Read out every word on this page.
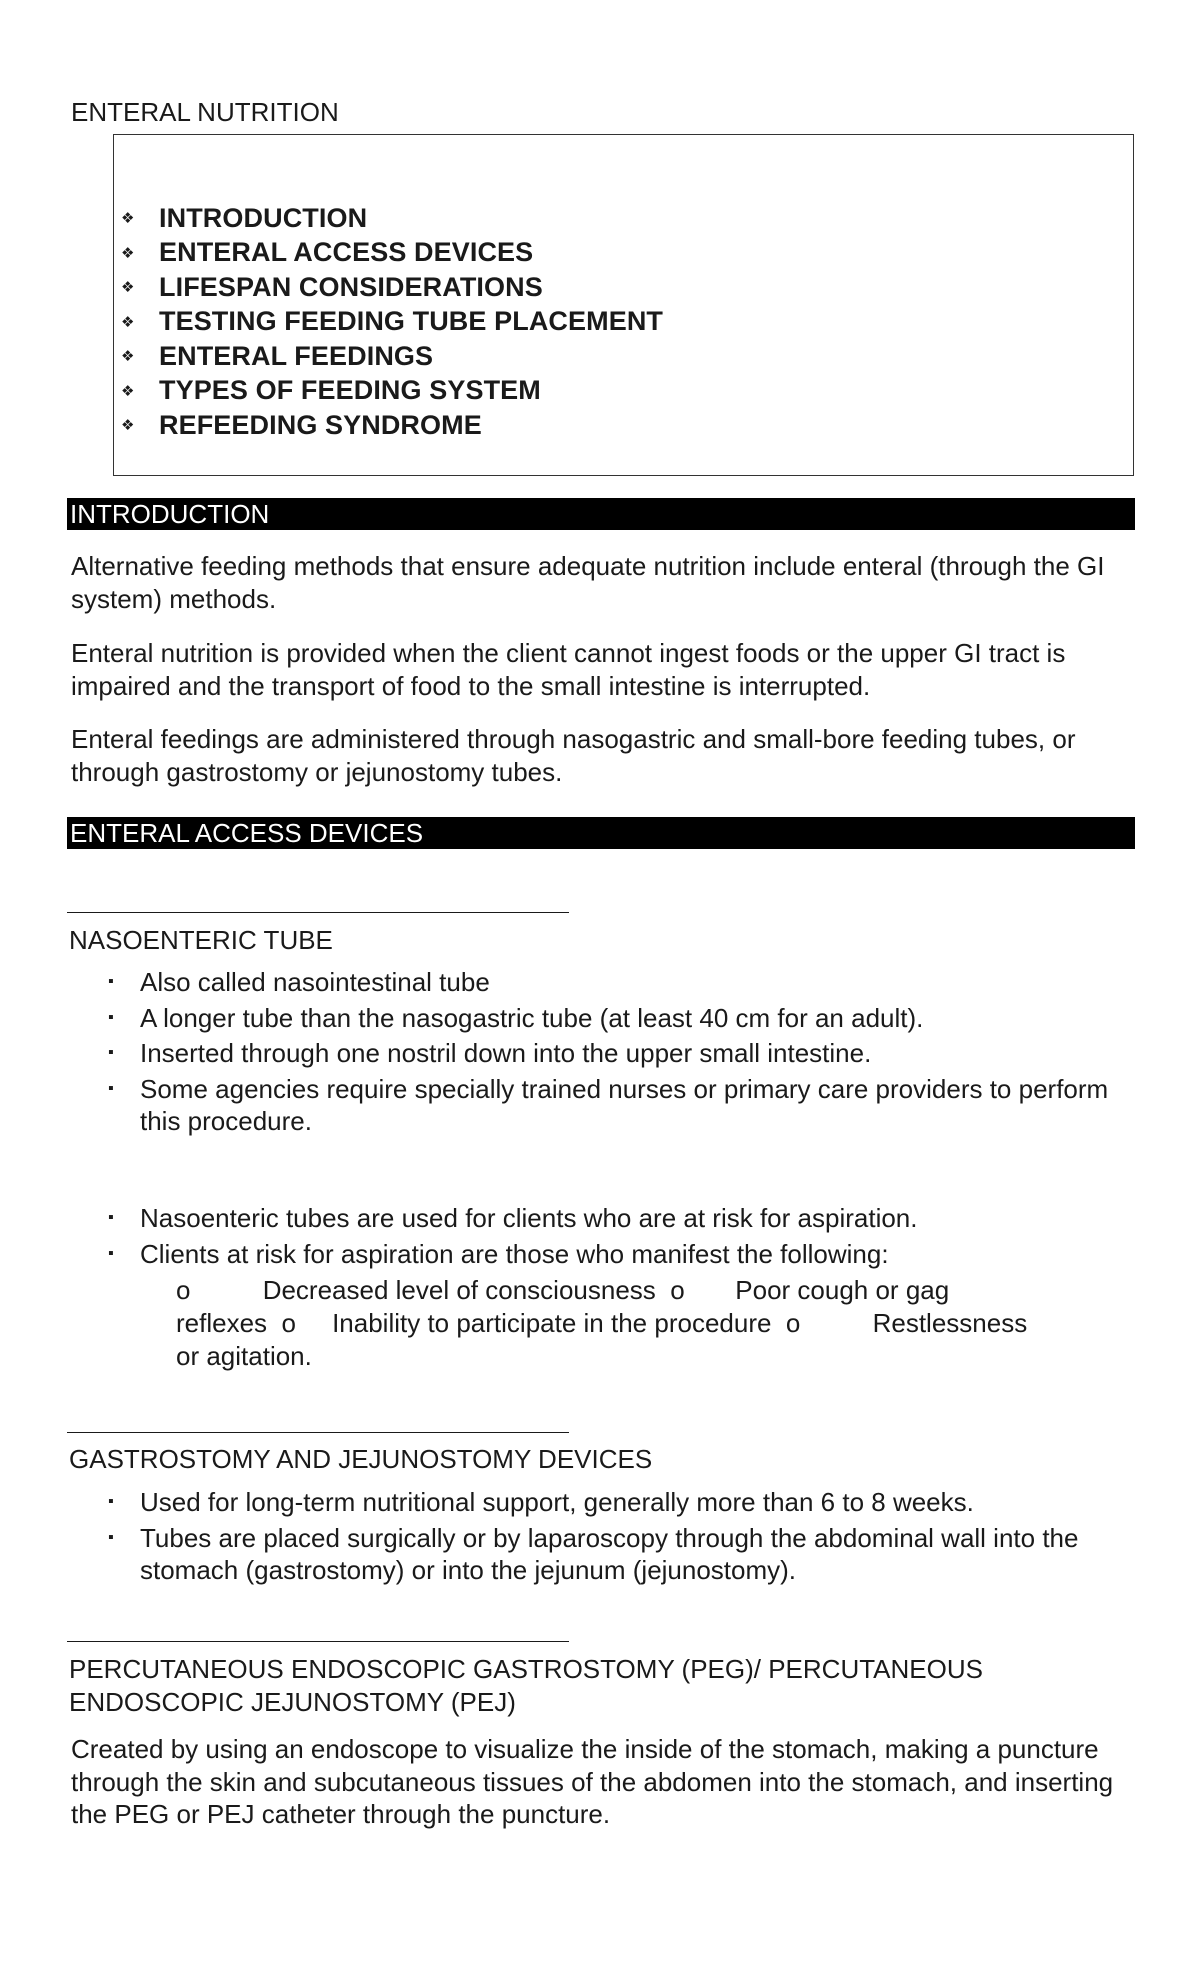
ENTERAL NUTRITION
❖ INTRODUCTION
❖ ENTERAL ACCESS DEVICES
❖ LIFESPAN CONSIDERATIONS
❖ TESTING FEEDING TUBE PLACEMENT
❖ ENTERAL FEEDINGS
❖ TYPES OF FEEDING SYSTEM
❖ REFEEDING SYNDROME
INTRODUCTION

Alternative feeding methods that ensure adequate nutrition include enteral (through the GI system) methods.

Enteral nutrition is provided when the client cannot ingest foods or the upper GI tract is impaired and the transport of food to the small intestine is interrupted.

Enteral feedings are administered through nasogastric and small-bore feeding tubes, or through gastrostomy or jejunostomy tubes.

ENTERAL ACCESS DEVICES

NASOENTERIC TUBE

▪ Also called nasointestinal tube
▪ A longer tube than the nasogastric tube (at least 40 cm for an adult).
▪ Inserted through one nostril down into the upper small intestine.
▪ Some agencies require specially trained nurses or primary care providers to perform this procedure.
▪ Nasoenteric tubes are used for clients who are at risk for aspiration.
▪ Clients at risk for aspiration are those who manifest the following:

o          Decreased level of consciousness  o       Poor cough or gag

reflexes  o     Inability to participate in the procedure  o          Restlessness

or agitation.

GASTROSTOMY AND JEJUNOSTOMY DEVICES

▪ Used for long-term nutritional support, generally more than 6 to 8 weeks.
▪ Tubes are placed surgically or by laparoscopy through the abdominal wall into the stomach (gastrostomy) or into the jejunum (jejunostomy).

PERCUTANEOUS ENDOSCOPIC GASTROSTOMY (PEG)/ PERCUTANEOUS

ENDOSCOPIC JEJUNOSTOMY (PEJ)

Created by using an endoscope to visualize the inside of the stomach, making a puncture through the skin and subcutaneous tissues of the abdomen into the stomach, and inserting the PEG or PEJ catheter through the puncture.
